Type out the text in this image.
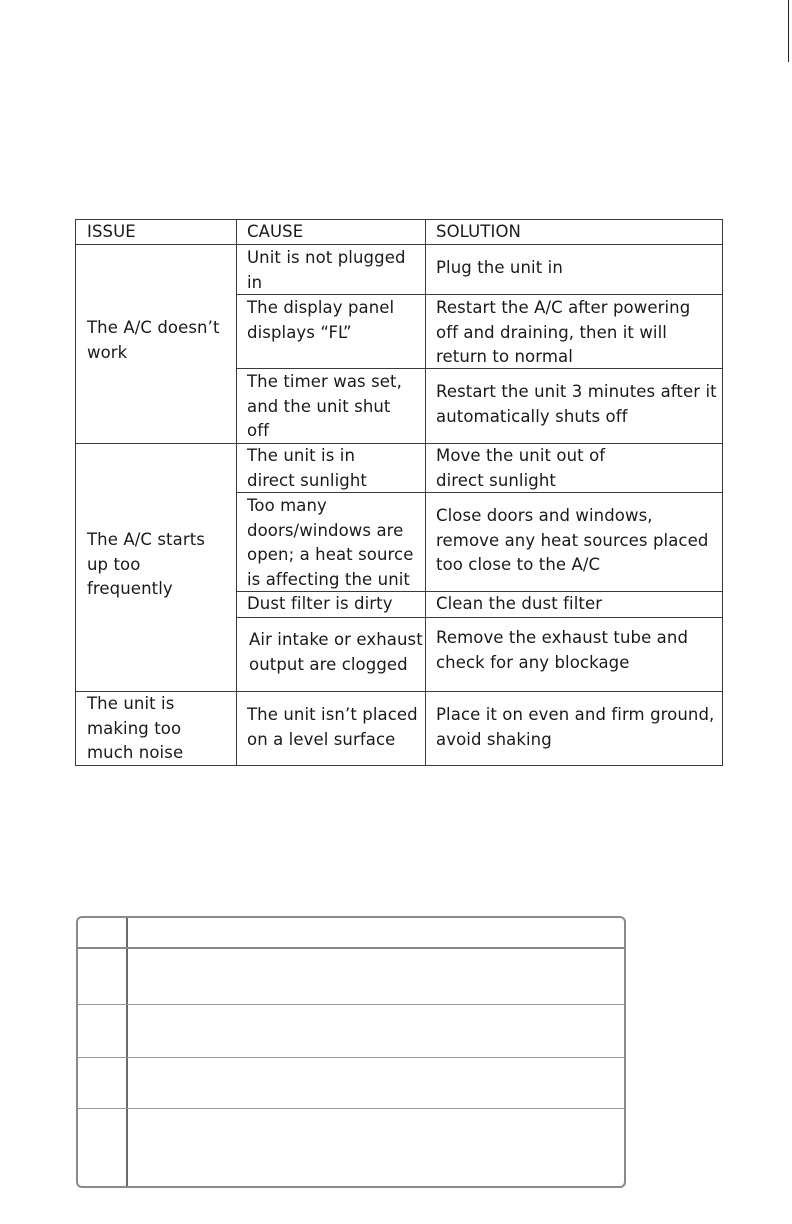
ISSUE	CAUSE	SOLUTION
The A/C doesn’t
work
The A/C starts
up too
frequently
The unit is
making too
much noise
Unit is not plugged
in
The display panel
displays “FL”
The timer was set,
and the unit shut
off
The unit is in
direct sunlight
Too many
doors/windows are
open; a heat source
is affecting the unit
Dust filter is dirty
Air intake or exhaust
output are clogged
The unit isn’t placed
on a level surface
Plug the unit in
Restart the A/C after powering
off and draining, then it will
return to normal
Restart the unit 3 minutes after it
automatically shuts off
Move the unit out of
direct sunlight
Close doors and windows,
remove any heat sources placed
too close to the A/C
Clean the dust filter
Remove the exhaust tube and
check for any blockage
Place it on even and firm ground,
avoid shaking
